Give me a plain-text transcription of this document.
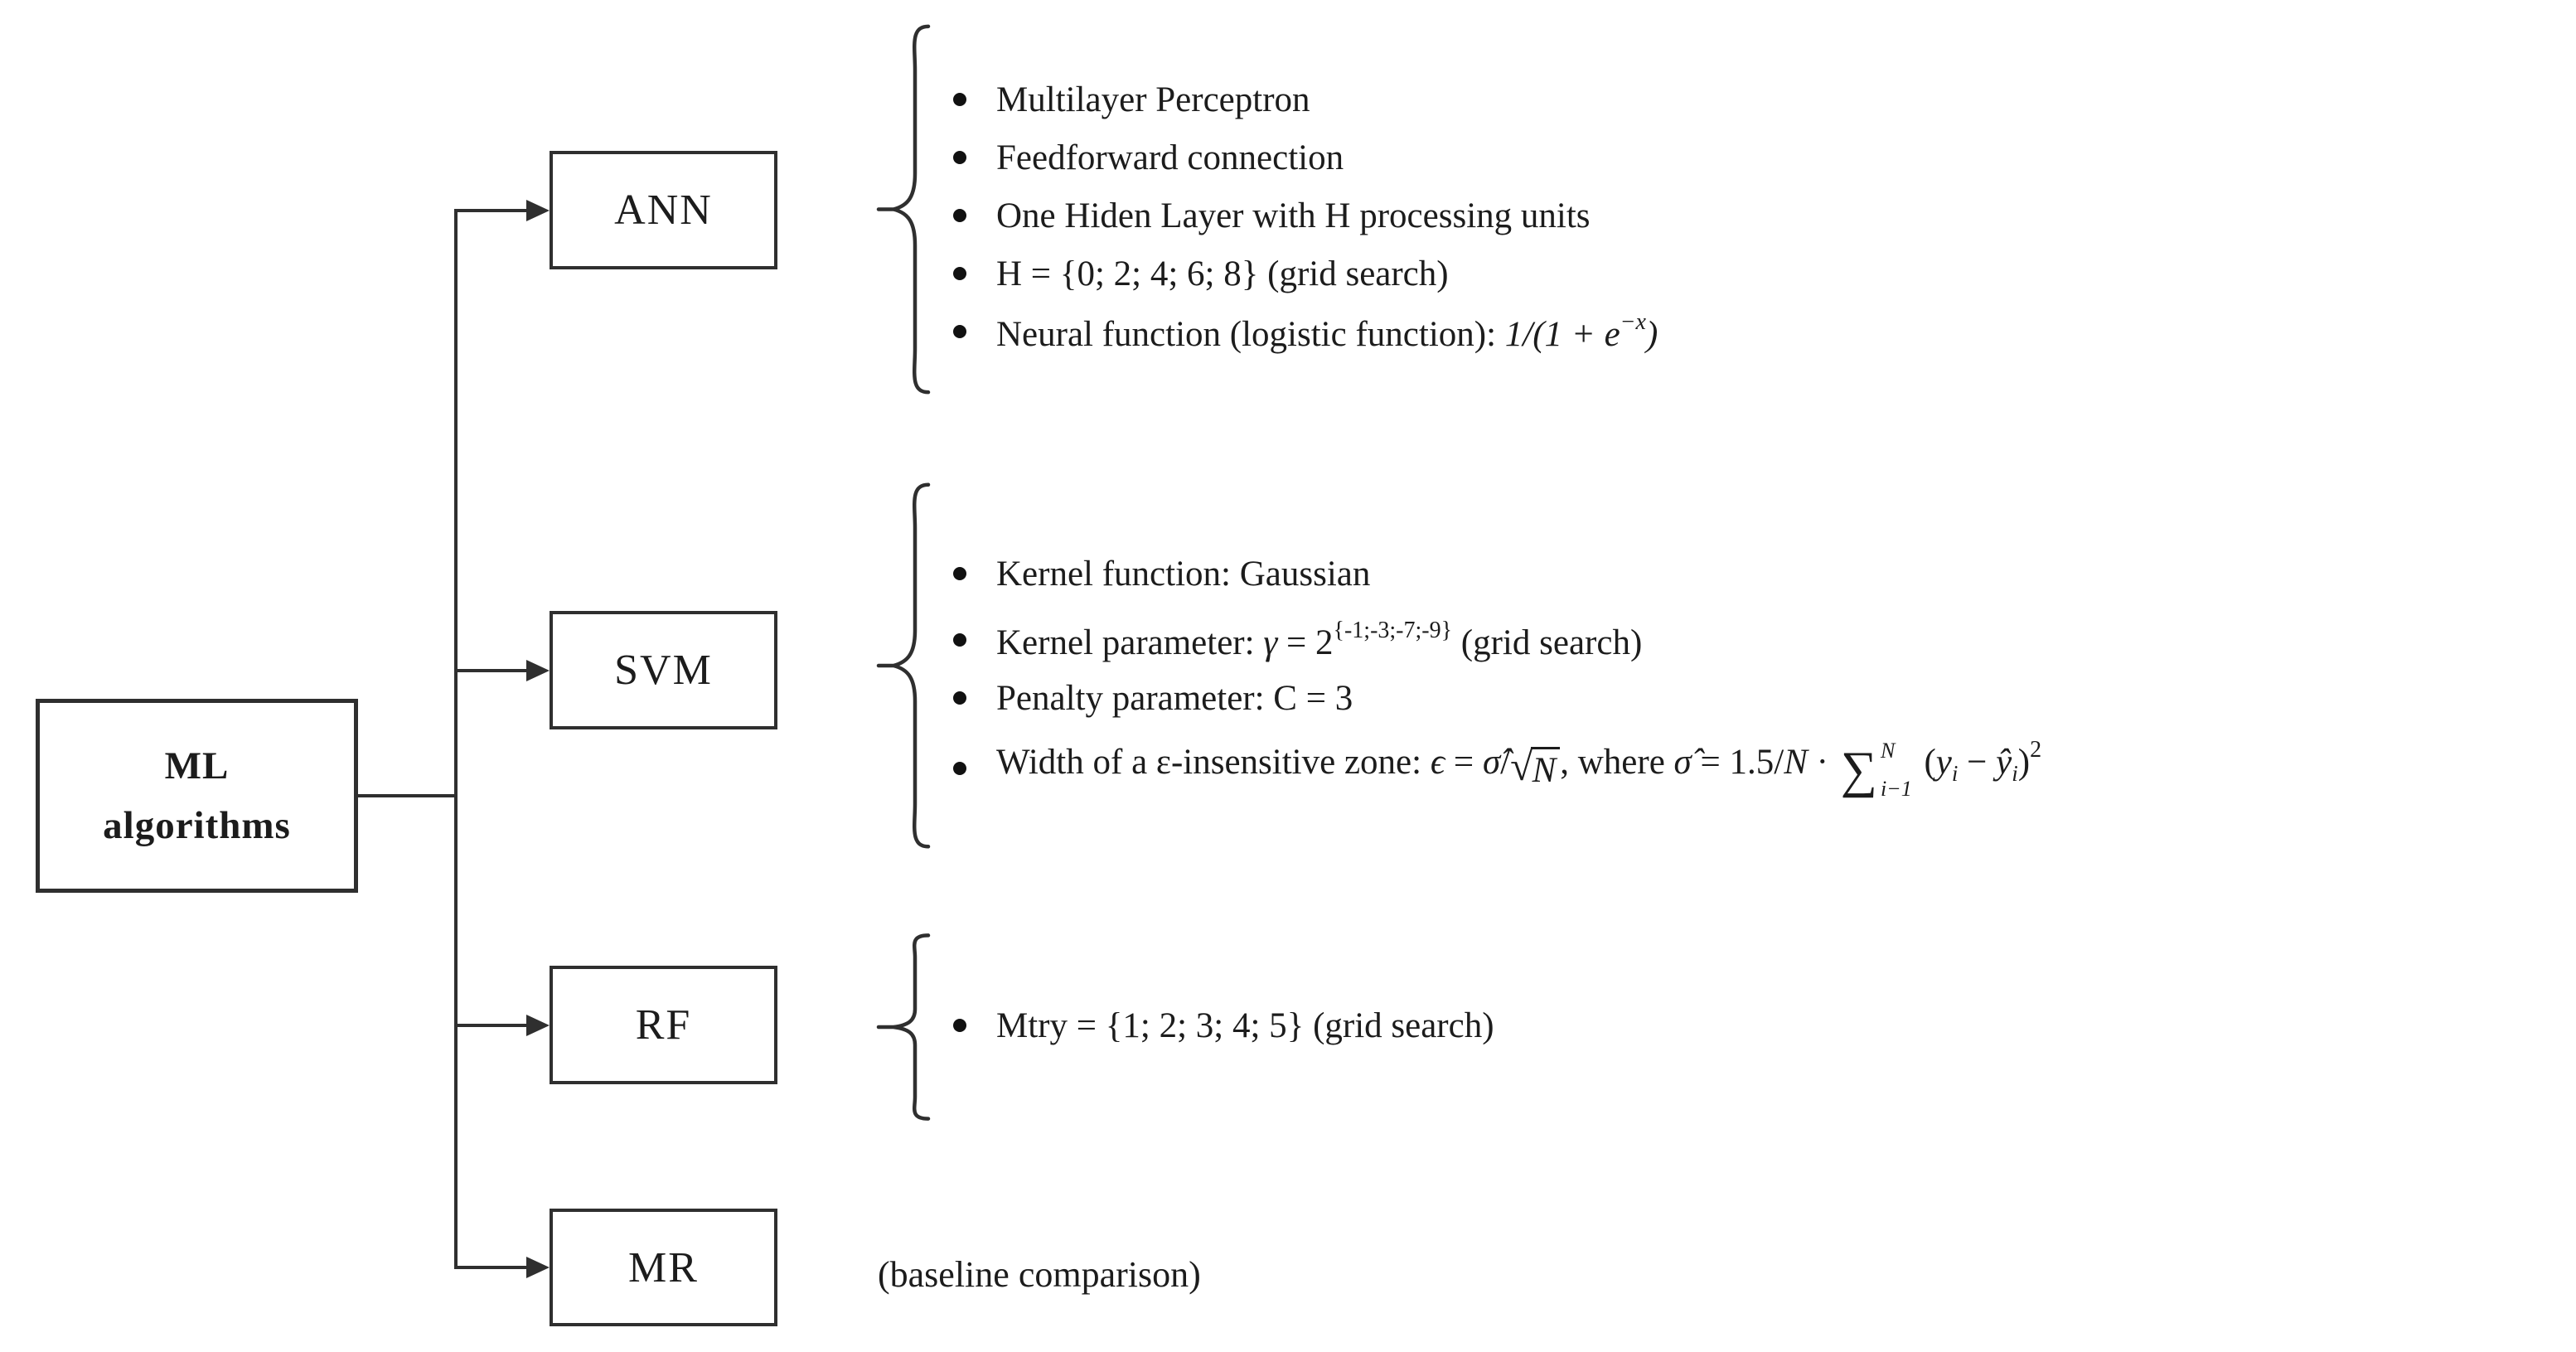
ML
algorithms
ANN
SVM
RF
MR
Multilayer Perceptron
Feedforward connection
One Hiden Layer with H processing units
H = {0; 2; 4; 6; 8} (grid search)
Neural function (logistic function): $1/(1 + e^{-x})$
Kernel function: Gaussian
Kernel parameter: $\gamma = 2^{\{-1;-3;-7;-9\}}$ (grid search)
Penalty parameter: C = 3
Width of a ε-insensitive zone: ϵ = σ̂/ √ N , where σ̂ = 1.5/N · ∑ N
i−1
($y_i$ − $ŷ_i)^2$
Mtry = {1; 2; 3; 4; 5} (grid search)
(baseline comparison)
